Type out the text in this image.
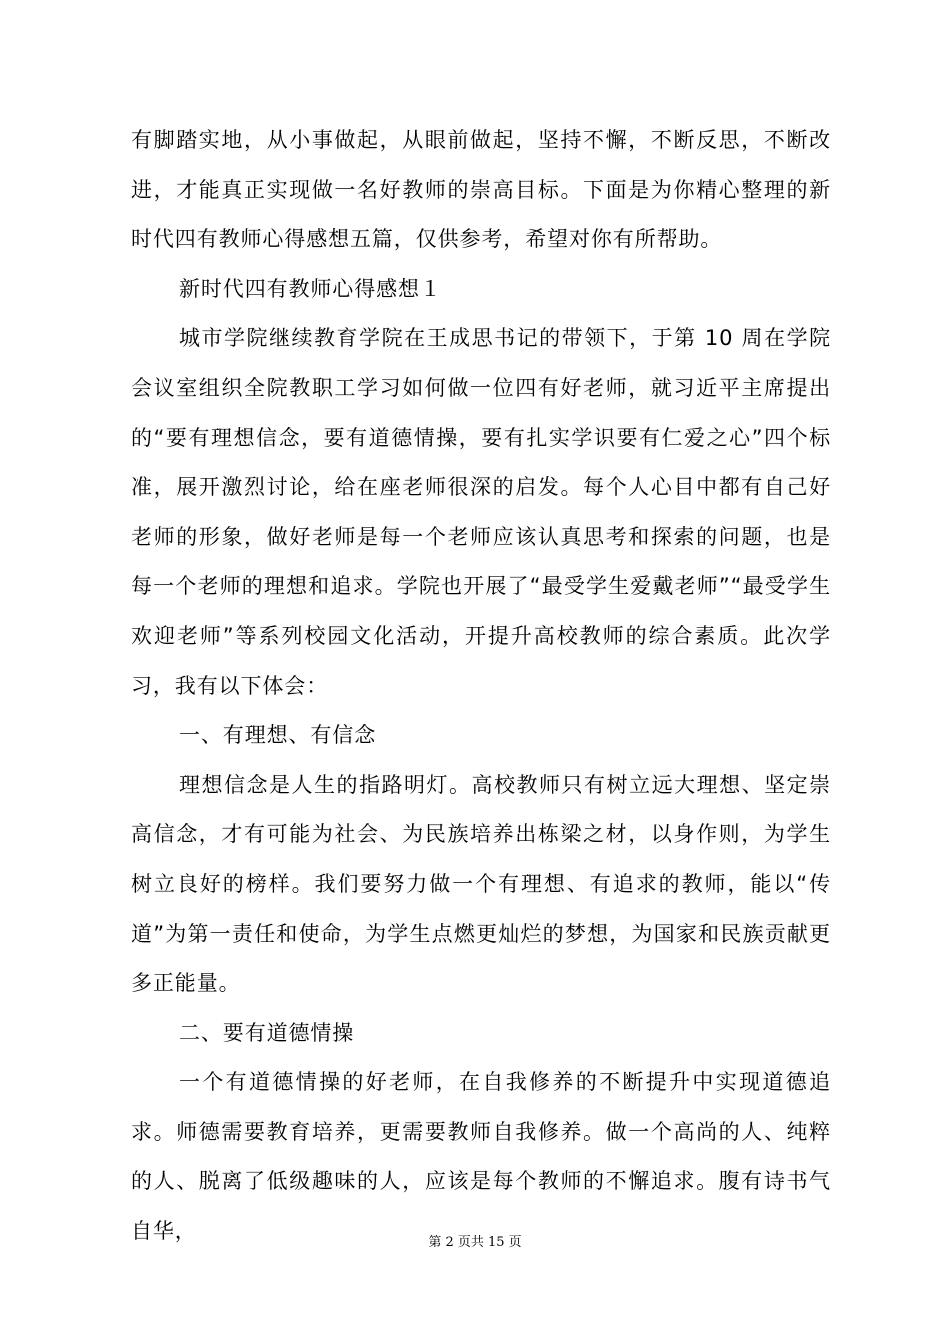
有脚踏实地，从小事做起，从眼前做起，坚持不懈，不断反思，不断改进，才能真正实现做一名好教师的崇高目标。下面是为你精心整理的新时代四有教师心得感想五篇，仅供参考，希望对你有所帮助。

新时代四有教师心得感想１

城市学院继续教育学院在王成思书记的带领下，于第 10 周在学院会议室组织全院教职工学习如何做一位四有好老师，就习近平主席提出的“要有理想信念，要有道德情操，要有扎实学识要有仁爱之心”四个标准，展开激烈讨论，给在座老师很深的启发。每个人心目中都有自己好老师的形象，做好老师是每一个老师应该认真思考和探索的问题，也是每一个老师的理想和追求。学院也开展了“最受学生爱戴老师”“最受学生欢迎老师”等系列校园文化活动，开提升高校教师的综合素质。此次学习，我有以下体会：

一、有理想、有信念

理想信念是人生的指路明灯。高校教师只有树立远大理想、坚定崇高信念，才有可能为社会、为民族培养出栋梁之材，以身作则，为学生树立良好的榜样。我们要努力做一个有理想、有追求的教师，能以“传道”为第一责任和使命，为学生点燃更灿烂的梦想，为国家和民族贡献更多正能量。

二、要有道德情操

一个有道德情操的好老师，在自我修养的不断提升中实现道德追求。师德需要教育培养，更需要教师自我修养。做一个高尚的人、纯粹的人、脱离了低级趣味的人，应该是每个教师的不懈追求。腹有诗书气自华，	第 2 页共 15 页
